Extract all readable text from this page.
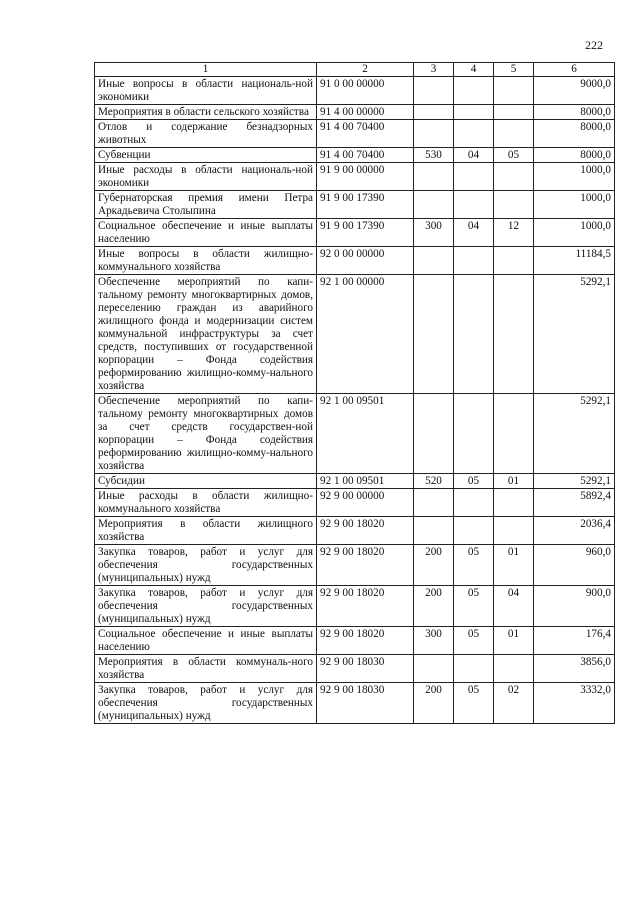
222
1	2	3	4	5	6
Иные вопросы в области националь-ной экономики	91 0 00 00000				9000,0
Мероприятия в области сельского хозяйства	91 4 00 00000				8000,0
Отлов и содержание безнадзорных животных	91 4 00 70400				8000,0
Субвенции	91 4 00 70400	530	04	05	8000,0
Иные расходы в области националь-ной экономики	91 9 00 00000				1000,0
Губернаторская премия имени Петра Аркадьевича Столыпина	91 9 00 17390				1000,0
Социальное обеспечение и иные выплаты населению	91 9 00 17390	300	04	12	1000,0
Иные вопросы в области жилищно-коммунального хозяйства	92 0 00 00000				11184,5
Обеспечение мероприятий по капи-тальному ремонту многоквартирных домов, переселению граждан из аварийного жилищного фонда и модернизации систем коммунальной инфраструктуры за счет средств, поступивших от государственной корпорации – Фонда содействия реформированию жилищно-комму-нального хозяйства	92 1 00 00000				5292,1
Обеспечение мероприятий по капи-тальному ремонту многоквартирных домов за счет средств государствен-ной корпорации – Фонда содействия реформированию жилищно-комму-нального хозяйства	92 1 00 09501				5292,1
Субсидии	92 1 00 09501	520	05	01	5292,1
Иные расходы в области жилищно-коммунального хозяйства	92 9 00 00000				5892,4
Мероприятия в области жилищного хозяйства	92 9 00 18020				2036,4
Закупка товаров, работ и услуг для обеспечения государственных (муниципальных) нужд	92 9 00 18020	200	05	01	960,0
Закупка товаров, работ и услуг для обеспечения государственных (муниципальных) нужд	92 9 00 18020	200	05	04	900,0
Социальное обеспечение и иные выплаты населению	92 9 00 18020	300	05	01	176,4
Мероприятия в области коммуналь-ного хозяйства	92 9 00 18030				3856,0
Закупка товаров, работ и услуг для обеспечения государственных (муниципальных) нужд	92 9 00 18030	200	05	02	3332,0
